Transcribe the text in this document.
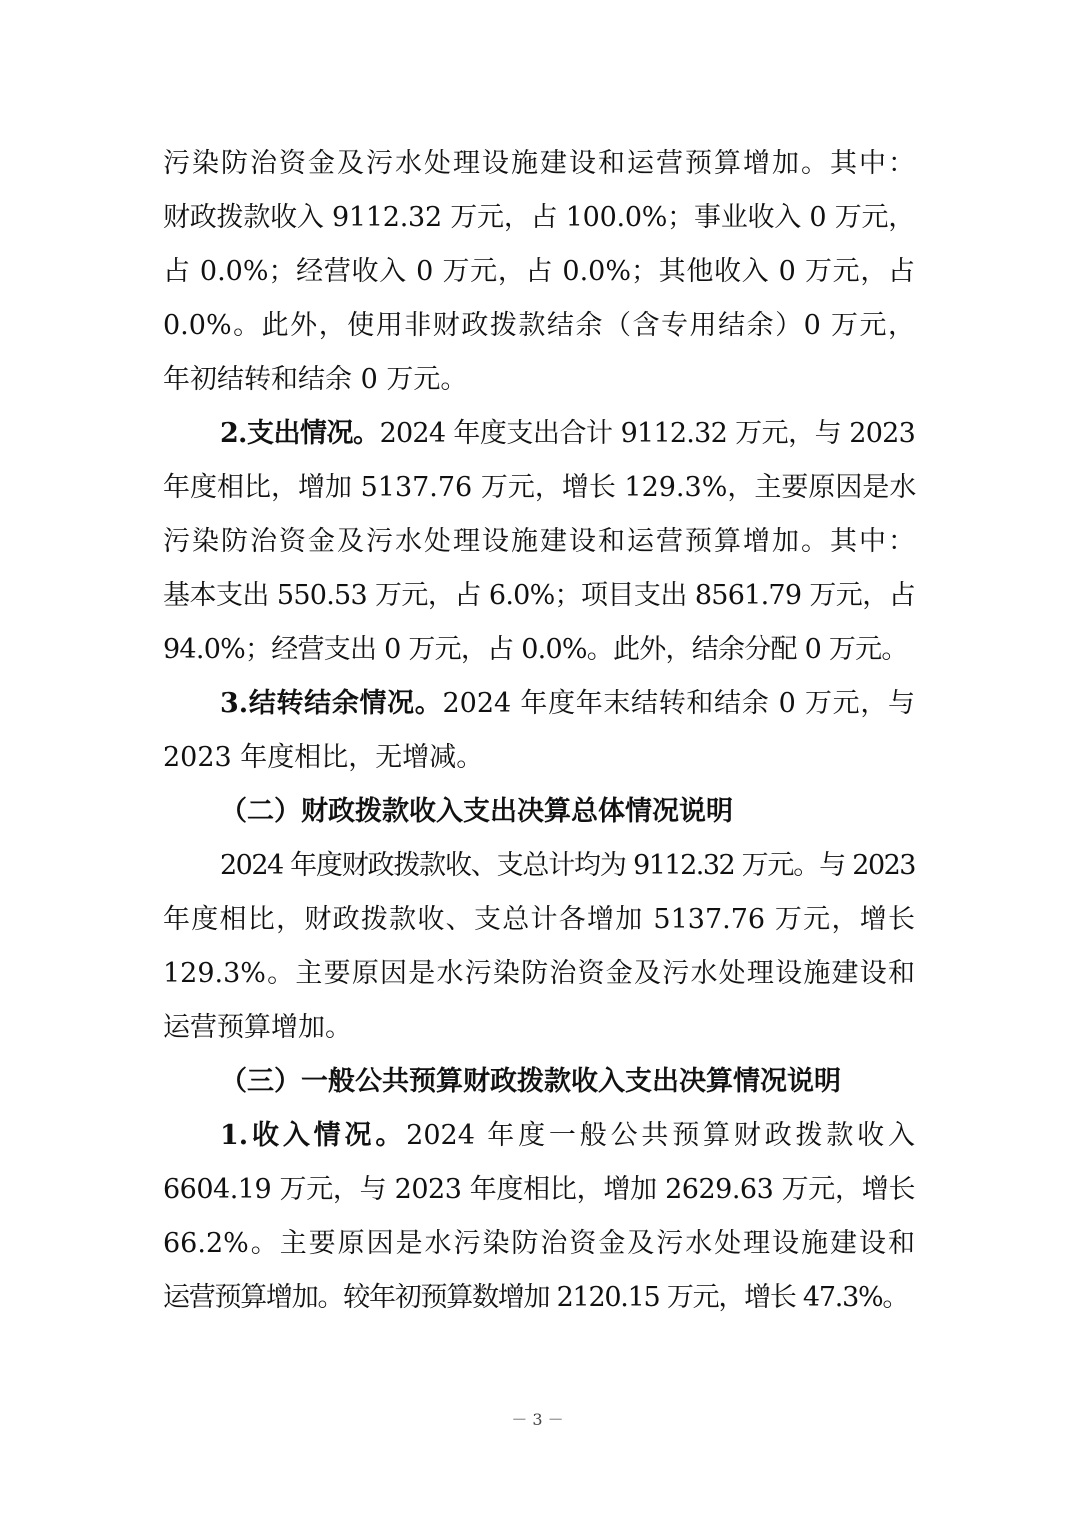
污染防治资金及污水处理设施建设和运营预算增加。其中：
财政拨款收入 9112.32 万元，占 100.0%；事业收入 0 万元，
占 0.0%；经营收入 0 万元，占 0.0%；其他收入 0 万元，占
0.0%。此外，使用非财政拨款结余（含专用结余）0 万元，
年初结转和结余 0 万元。
2.支出情况。2024 年度支出合计 9112.32 万元，与 2023
年度相比，增加 5137.76 万元，增长 129.3%，主要原因是水
污染防治资金及污水处理设施建设和运营预算增加。其中：
基本支出 550.53 万元，占 6.0%；项目支出 8561.79 万元，占
94.0%；经营支出 0 万元，占 0.0%。此外，结余分配 0 万元。
3.结转结余情况。2024 年度年末结转和结余 0 万元，与
2023 年度相比，无增减。
（二）财政拨款收入支出决算总体情况说明
2024 年度财政拨款收、支总计均为 9112.32 万元。与 2023
年度相比，财政拨款收、支总计各增加 5137.76 万元，增长
129.3%。主要原因是水污染防治资金及污水处理设施建设和
运营预算增加。
（三）一般公共预算财政拨款收入支出决算情况说明
1.收入情况。2024 年度一般公共预算财政拨款收入
6604.19 万元，与 2023 年度相比，增加 2629.63 万元，增长
66.2%。主要原因是水污染防治资金及污水处理设施建设和
运营预算增加。较年初预算数增加 2120.15 万元，增长 47.3%。
－ 3 －
